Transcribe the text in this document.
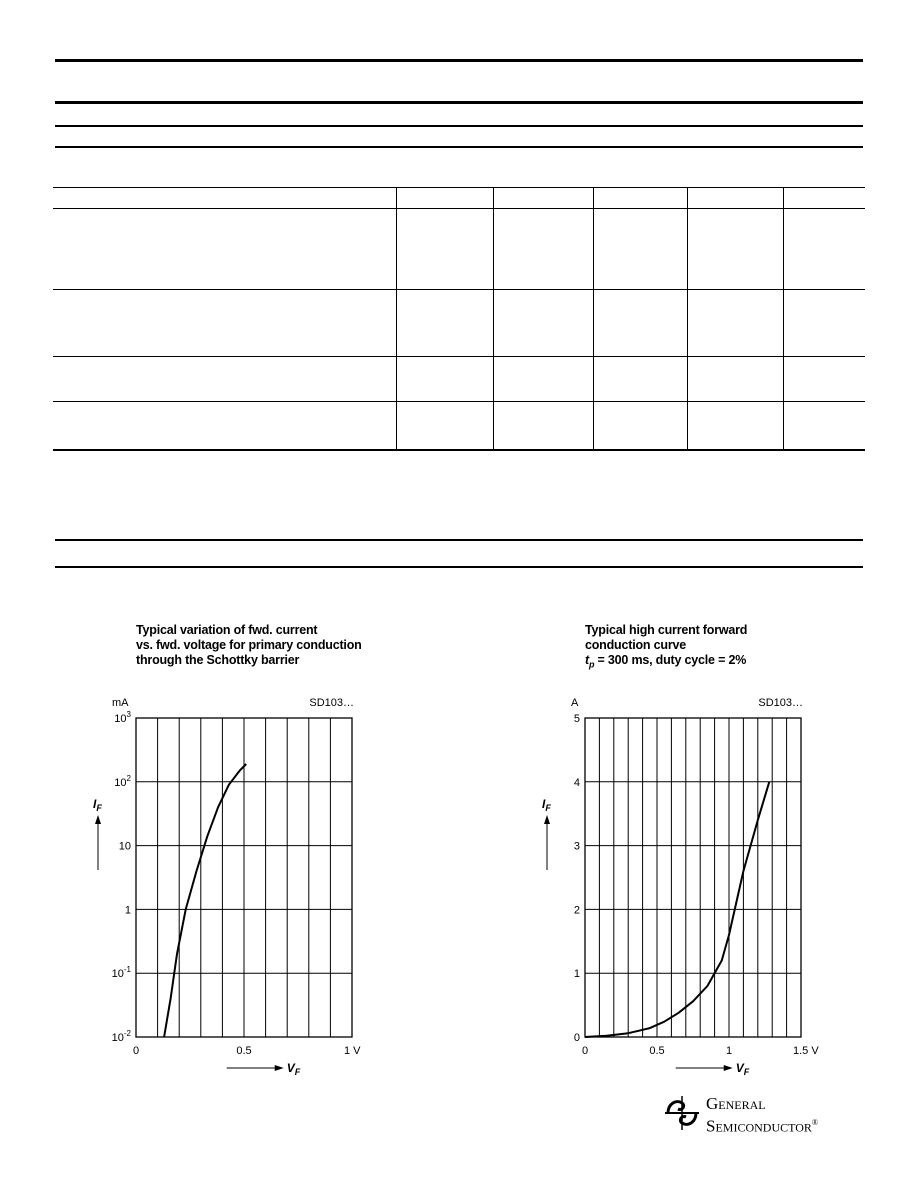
Typical variation of fwd. current
vs. fwd. voltage for primary conduction
through the Schottky barrier
Typical high current forward
conduction curve
$t_p = 300$ ms, duty cycle = 2%
$10^3$
$10^2$
10
1
$10^{-1}$
$10^{-2}$
0	0.5	1 V
mA	SD103…
$I_F$
$V_F$
0
1
2
3
4
5
0	0.5	1	1.5 V
A	SD103…
$I_F$
$V_F$
General
Semiconductor®
